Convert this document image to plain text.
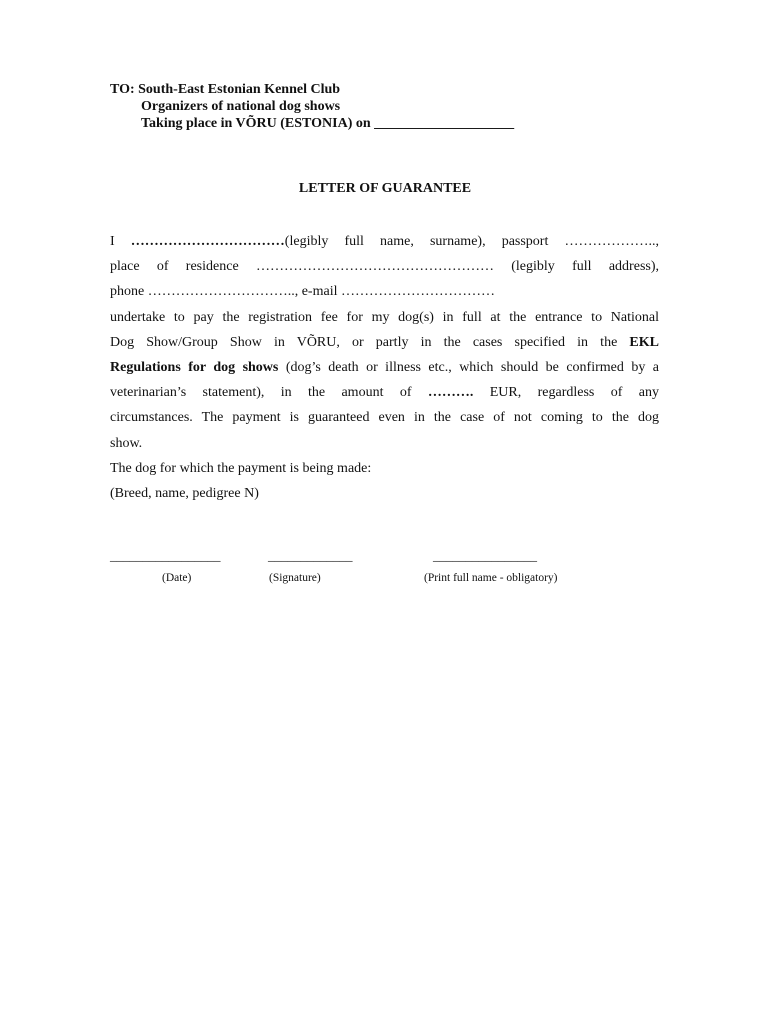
TO: South-East Estonian Kennel Club
Organizers of national dog shows
Taking place in VÕRU (ESTONIA) on ____________________
LETTER OF GUARANTEE
I ……………………………(legibly full name, surname), passport ………………..,
place of residence …………………………………………… (legibly full address),
phone ………………………….., e-mail ……………………………
undertake to pay the registration fee for my dog(s) in full at the entrance to National
Dog Show/Group Show in VÕRU, or partly in the cases specified in the EKL
Regulations for dog shows (dog’s death or illness etc., which should be confirmed by a
veterinarian’s statement), in the amount of ………. EUR, regardless of any
circumstances. The payment is guaranteed even in the case of not coming to the dog
show.
The dog for which the payment is being made:
(Breed, name, pedigree N)
_________________	_____________	________________
(Date)	(Signature)	(Print full name - obligatory)
